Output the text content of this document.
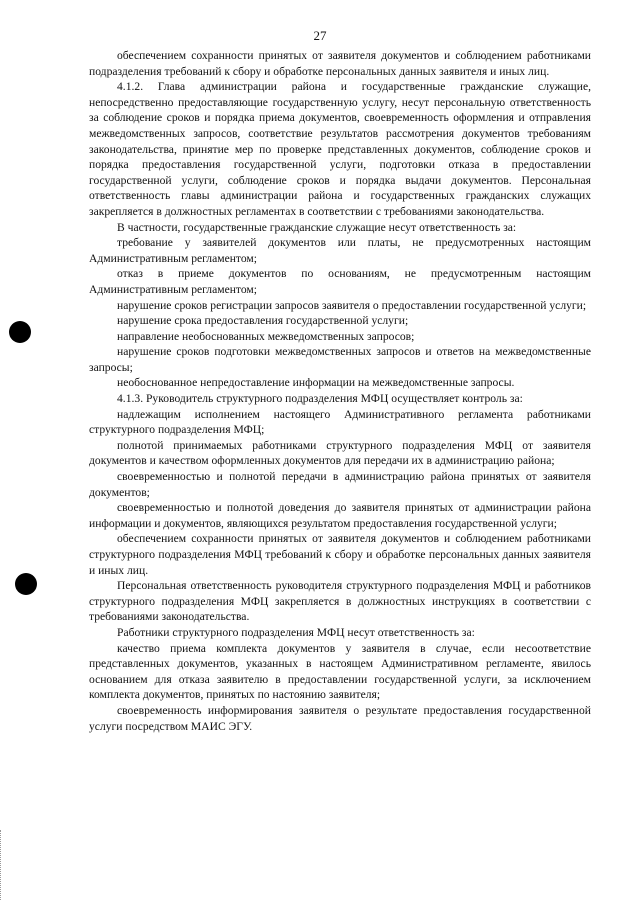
27

обеспечением сохранности принятых от заявителя документов и соблюдением работниками подразделения требований к сбору и обработке персональных данных заявителя и иных лиц.

4.1.2. Глава администрации района и государственные гражданские служащие, непосредственно предоставляющие государственную услугу, несут персональную ответственность за соблюдение сроков и порядка приема документов, своевременность оформления и отправления межведомственных запросов, соответствие результатов рассмотрения документов требованиям законодательства, принятие мер по проверке представленных документов, соблюдение сроков и порядка предоставления государственной услуги, подготовки отказа в предоставлении государственной услуги, соблюдение сроков и порядка выдачи документов. Персональная ответственность главы администрации района и государственных гражданских служащих закрепляется в должностных регламентах в соответствии с требованиями законодательства.

В частности, государственные гражданские служащие несут ответственность за:

требование у заявителей документов или платы, не предусмотренных настоящим Административным регламентом;

отказ в приеме документов по основаниям, не предусмотренным настоящим Административным регламентом;

нарушение сроков регистрации запросов заявителя о предоставлении государственной услуги;

нарушение срока предоставления государственной услуги;

направление необоснованных межведомственных запросов;

нарушение сроков подготовки межведомственных запросов и ответов на межведомственные запросы;

необоснованное непредоставление информации на межведомственные запросы.

4.1.3. Руководитель структурного подразделения МФЦ осуществляет контроль за:

надлежащим исполнением настоящего Административного регламента работниками структурного подразделения МФЦ;

полнотой принимаемых работниками структурного подразделения МФЦ от заявителя документов и качеством оформленных документов для передачи их в администрацию района;

своевременностью и полнотой передачи в администрацию района принятых от заявителя документов;

своевременностью и полнотой доведения до заявителя принятых от администрации района информации и документов, являющихся результатом предоставления государственной услуги;

обеспечением сохранности принятых от заявителя документов и соблюдением работниками структурного подразделения МФЦ требований к сбору и обработке персональных данных заявителя и иных лиц.

Персональная ответственность руководителя структурного подразделения МФЦ и работников структурного подразделения МФЦ закрепляется в должностных инструкциях в соответствии с требованиями законодательства.

Работники структурного подразделения МФЦ несут ответственность за:

качество приема комплекта документов у заявителя в случае, если несоответствие представленных документов, указанных в настоящем Административном регламенте, явилось основанием для отказа заявителю в предоставлении государственной услуги, за исключением комплекта документов, принятых по настоянию заявителя;

своевременность информирования заявителя о результате предоставления государственной услуги посредством МАИС ЭГУ.
